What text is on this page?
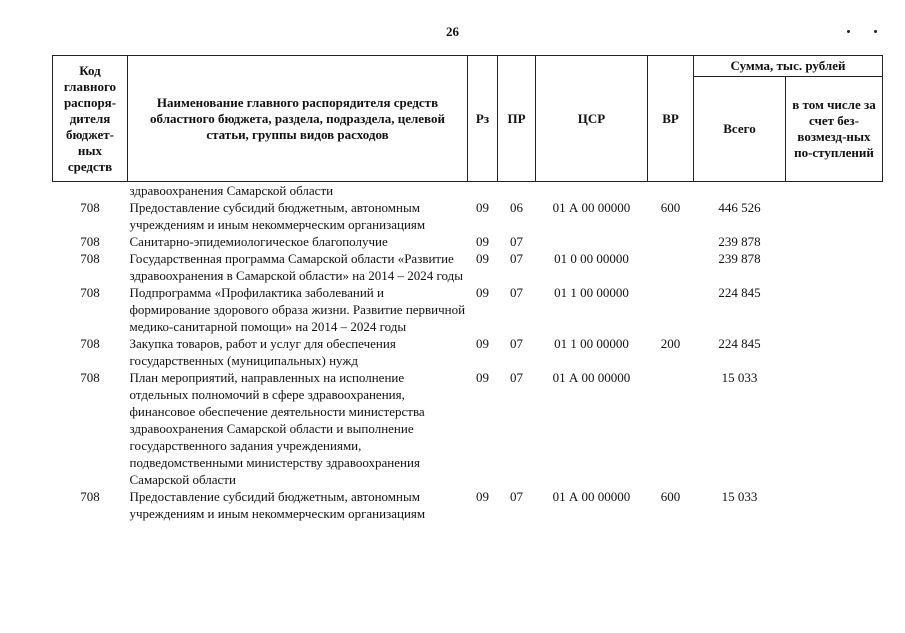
26
Код главного распоря-дителя бюджет-ных средств	Наименование главного распорядителя средств областного бюджета, раздела, подраздела, целевой статьи, группы видов расходов	Рз	ПР	ЦСР	ВР	Сумма, тыс. рублей	
						Всего	в том числе за счет без-возмезд-ных по-ступлений
	здравоохранения Самарской области						
708	Предоставление субсидий бюджетным, автономным учреждениям и иным некоммерческим организациям	09	06	01 А 00 00000	600	446 526	
708	Санитарно-эпидемиологическое благополучие	09	07			239 878	
708	Государственная программа Самарской области «Развитие здравоохранения в Самарской области» на 2014 – 2024 годы	09	07	01 0 00 00000		239 878	
708	Подпрограмма «Профилактика заболеваний и формирование здорового образа жизни. Развитие первичной медико-санитарной помощи» на 2014 – 2024 годы	09	07	01 1 00 00000		224 845	
708	Закупка товаров, работ и услуг для обеспечения государственных (муниципальных) нужд	09	07	01 1 00 00000	200	224 845	
708	План мероприятий, направленных на исполнение отдельных полномочий в сфере здравоохранения, финансовое обеспечение деятельности министерства здравоохранения Самарской области и выполнение государственного задания учреждениями, подведомственными министерству здравоохранения Самарской области	09	07	01 А 00 00000		15 033	
708	Предоставление субсидий бюджетным, автономным учреждениям и иным некоммерческим организациям	09	07	01 А 00 00000	600	15 033	
